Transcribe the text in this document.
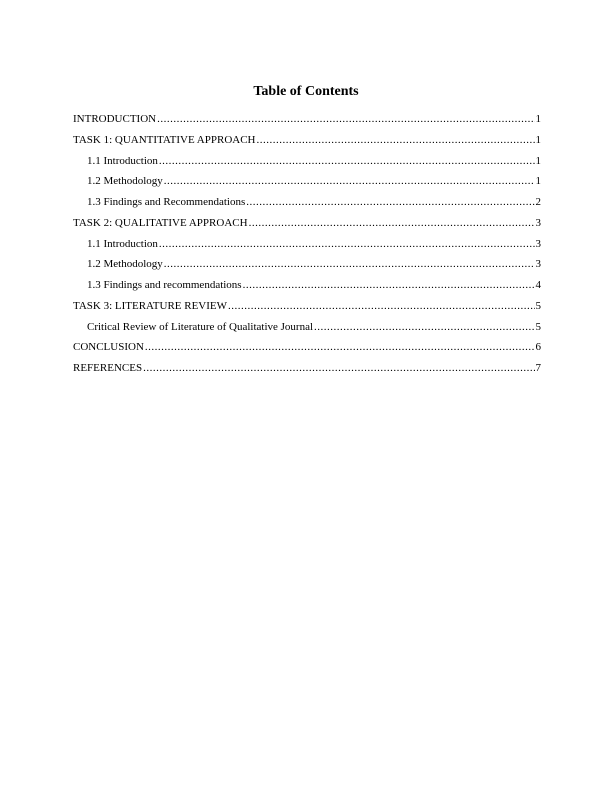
Table of Contents
INTRODUCTION .....	1
TASK 1: QUANTITATIVE APPROACH .....	1
1.1 Introduction .....	1
1.2 Methodology .....	1
1.3 Findings and Recommendations .....	2
TASK 2: QUALITATIVE APPROACH .....	3
1.1 Introduction .....	3
1.2 Methodology .....	3
1.3 Findings and recommendations .....	4
TASK 3: LITERATURE REVIEW .....	5
Critical Review of Literature of Qualitative Journal .....	5
CONCLUSION .....	6
REFERENCES .....	7
